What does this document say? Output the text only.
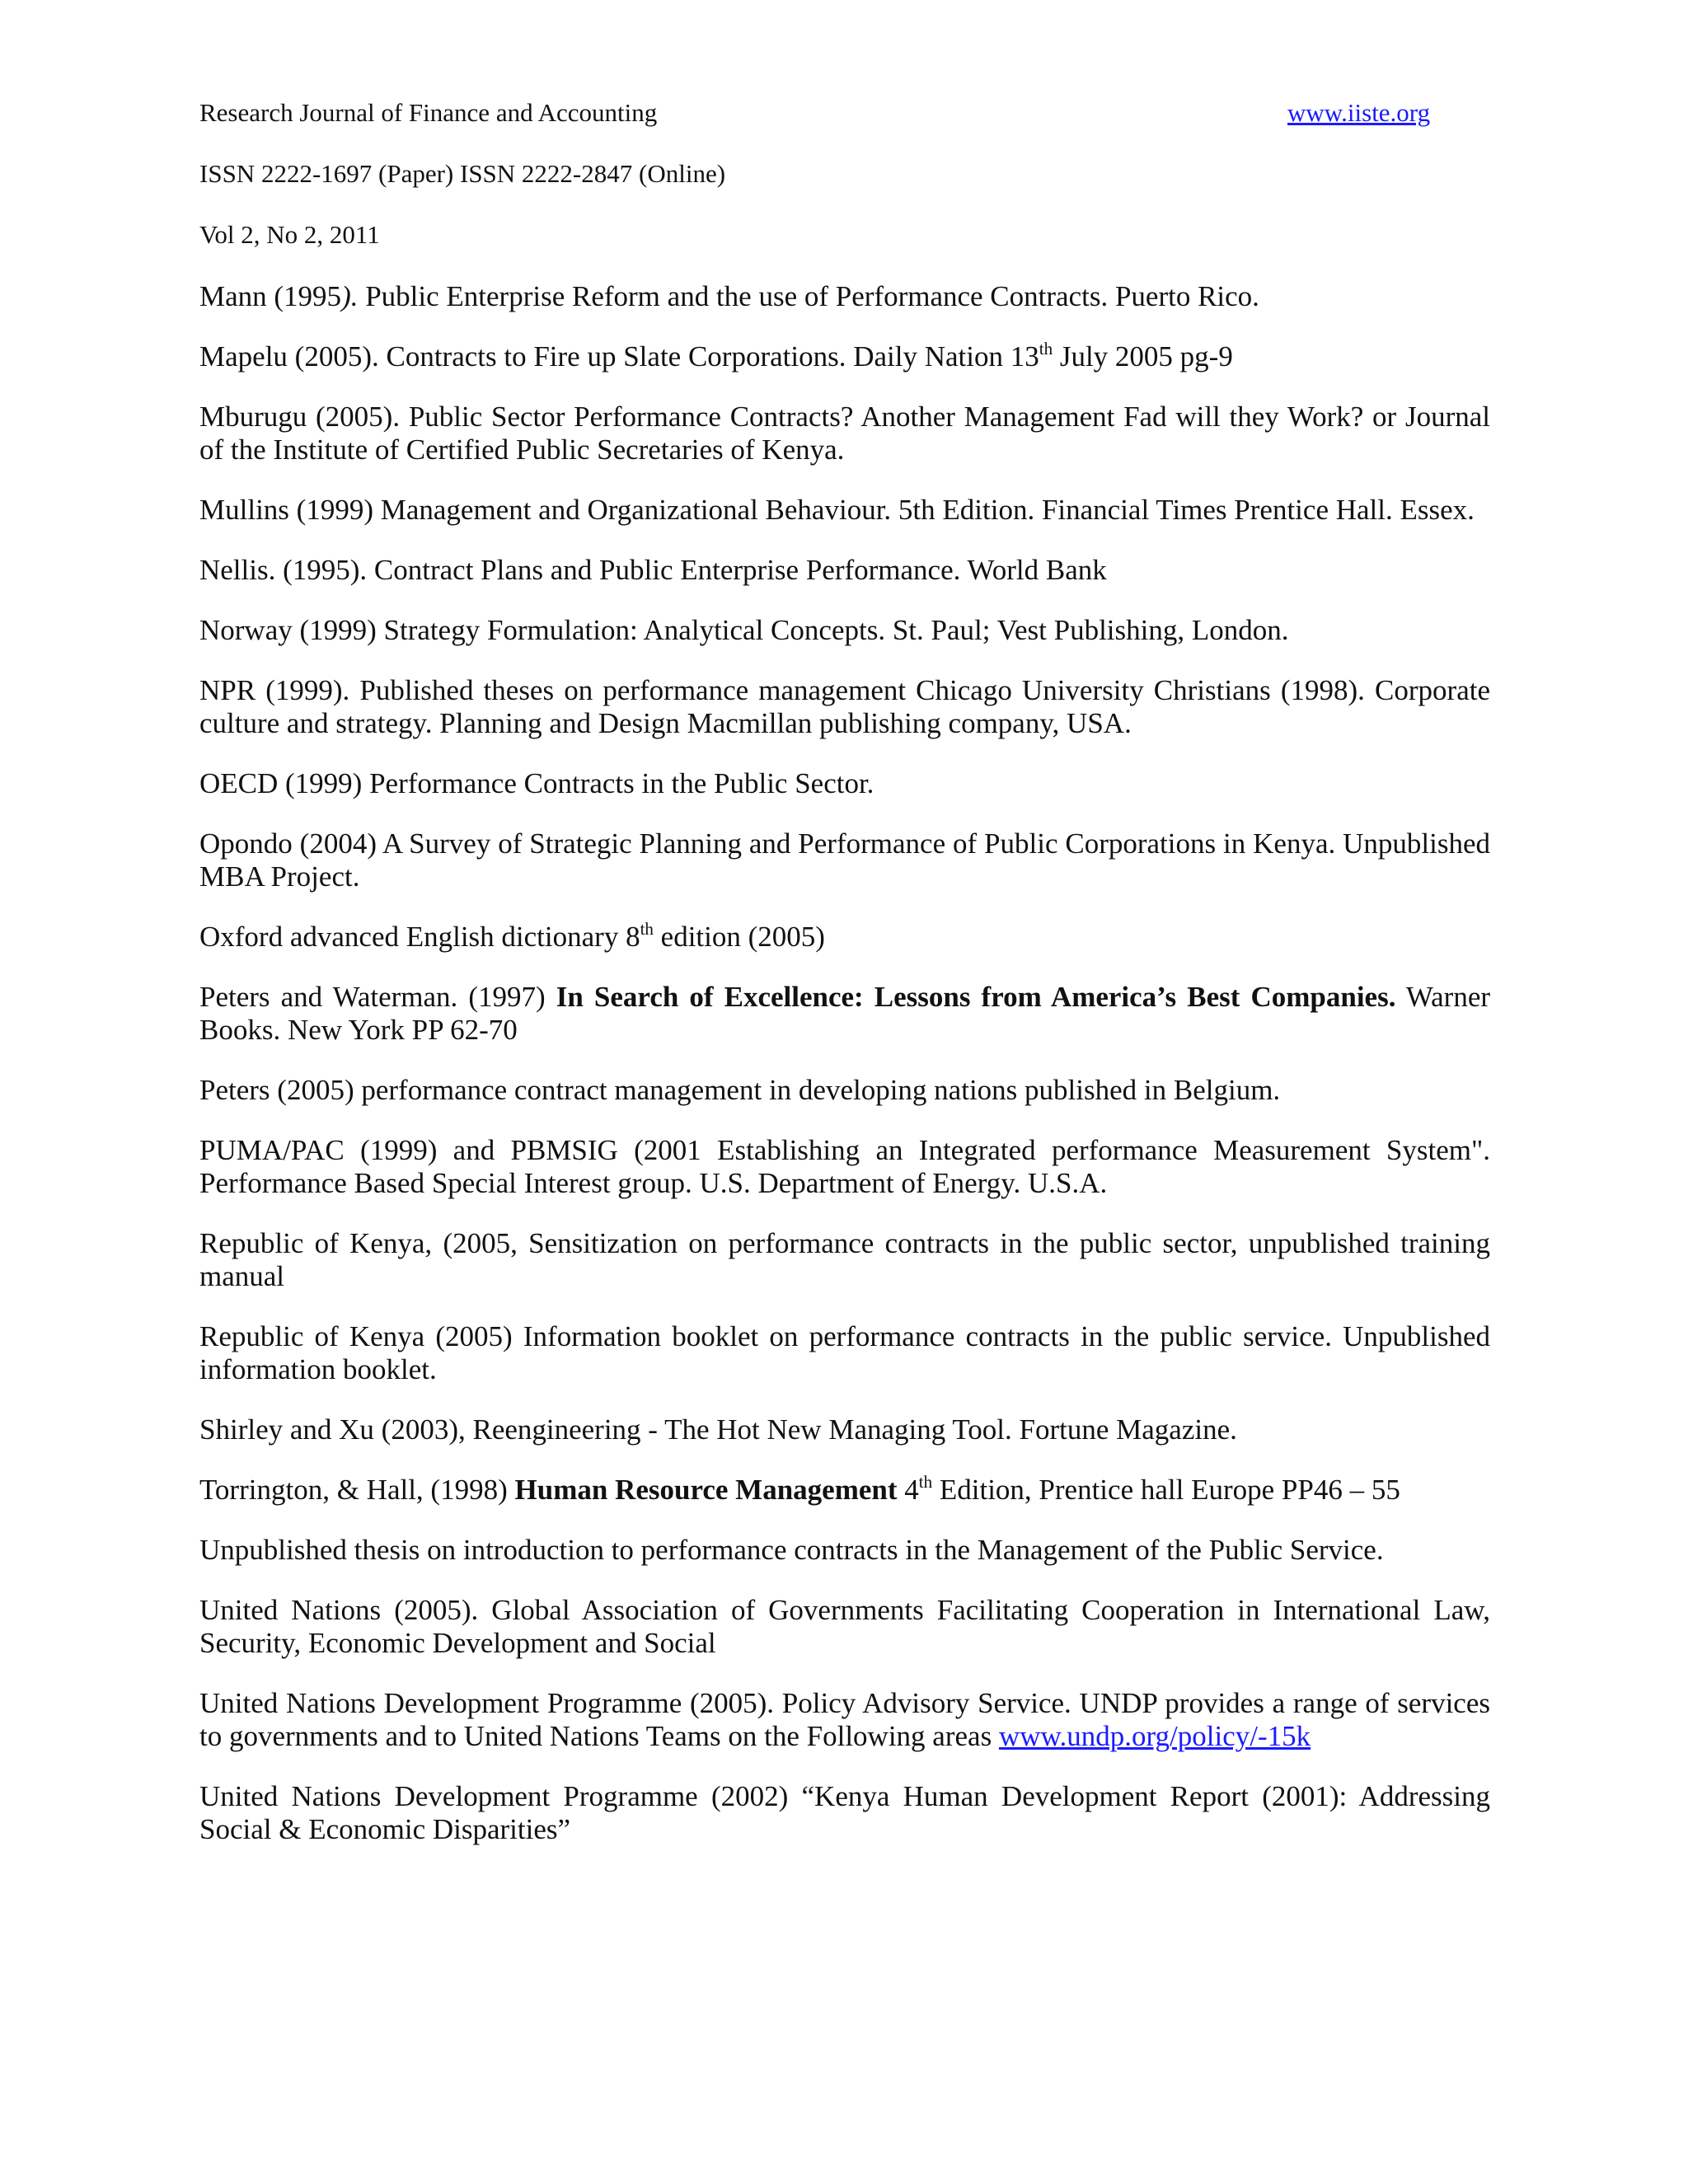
Research Journal of Finance and Accounting	www.iiste.org
ISSN 2222-1697 (Paper) ISSN 2222-2847 (Online)
Vol 2, No 2, 2011

Mann (1995). Public Enterprise Reform and the use of Performance Contracts. Puerto Rico.

Mapelu (2005). Contracts to Fire up Slate Corporations. Daily Nation 13th July 2005 pg-9

Mburugu (2005). Public Sector Performance Contracts? Another Management Fad will they Work? or Journal of the Institute of Certified Public Secretaries of Kenya.

Mullins (1999) Management and Organizational Behaviour. 5th Edition. Financial Times Prentice Hall. Essex.

Nellis. (1995). Contract Plans and Public Enterprise Performance. World Bank

Norway (1999) Strategy Formulation: Analytical Concepts. St. Paul; Vest Publishing, London.

NPR (1999). Published theses on performance management Chicago University Christians (1998). Corporate culture and strategy. Planning and Design Macmillan publishing company, USA.

OECD (1999) Performance Contracts in the Public Sector.

Opondo (2004) A Survey of Strategic Planning and Performance of Public Corporations in Kenya. Unpublished MBA Project.

Oxford advanced English dictionary 8th edition (2005)

Peters and Waterman. (1997) In Search of Excellence: Lessons from America’s Best Companies. Warner Books. New York PP 62-70

Peters (2005) performance contract management in developing nations published in Belgium.

PUMA/PAC (1999) and PBMSIG (2001 Establishing an Integrated performance Measurement System". Performance Based Special Interest group. U.S. Department of Energy. U.S.A.

Republic of Kenya, (2005, Sensitization on performance contracts in the public sector, unpublished training manual

Republic of Kenya (2005) Information booklet on performance contracts in the public service. Unpublished information booklet.

Shirley and Xu (2003), Reengineering - The Hot New Managing Tool. Fortune Magazine.

Torrington, & Hall, (1998) Human Resource Management 4th Edition, Prentice hall Europe PP46 – 55

Unpublished thesis on introduction to performance contracts in the Management of the Public Service.

United Nations (2005). Global Association of Governments Facilitating Cooperation in International Law, Security, Economic Development and Social

United Nations Development Programme (2005). Policy Advisory Service. UNDP provides a range of services to governments and to United Nations Teams on the Following areas www.undp.org/policy/-15k

United Nations Development Programme (2002) “Kenya Human Development Report (2001): Addressing Social & Economic Disparities”
